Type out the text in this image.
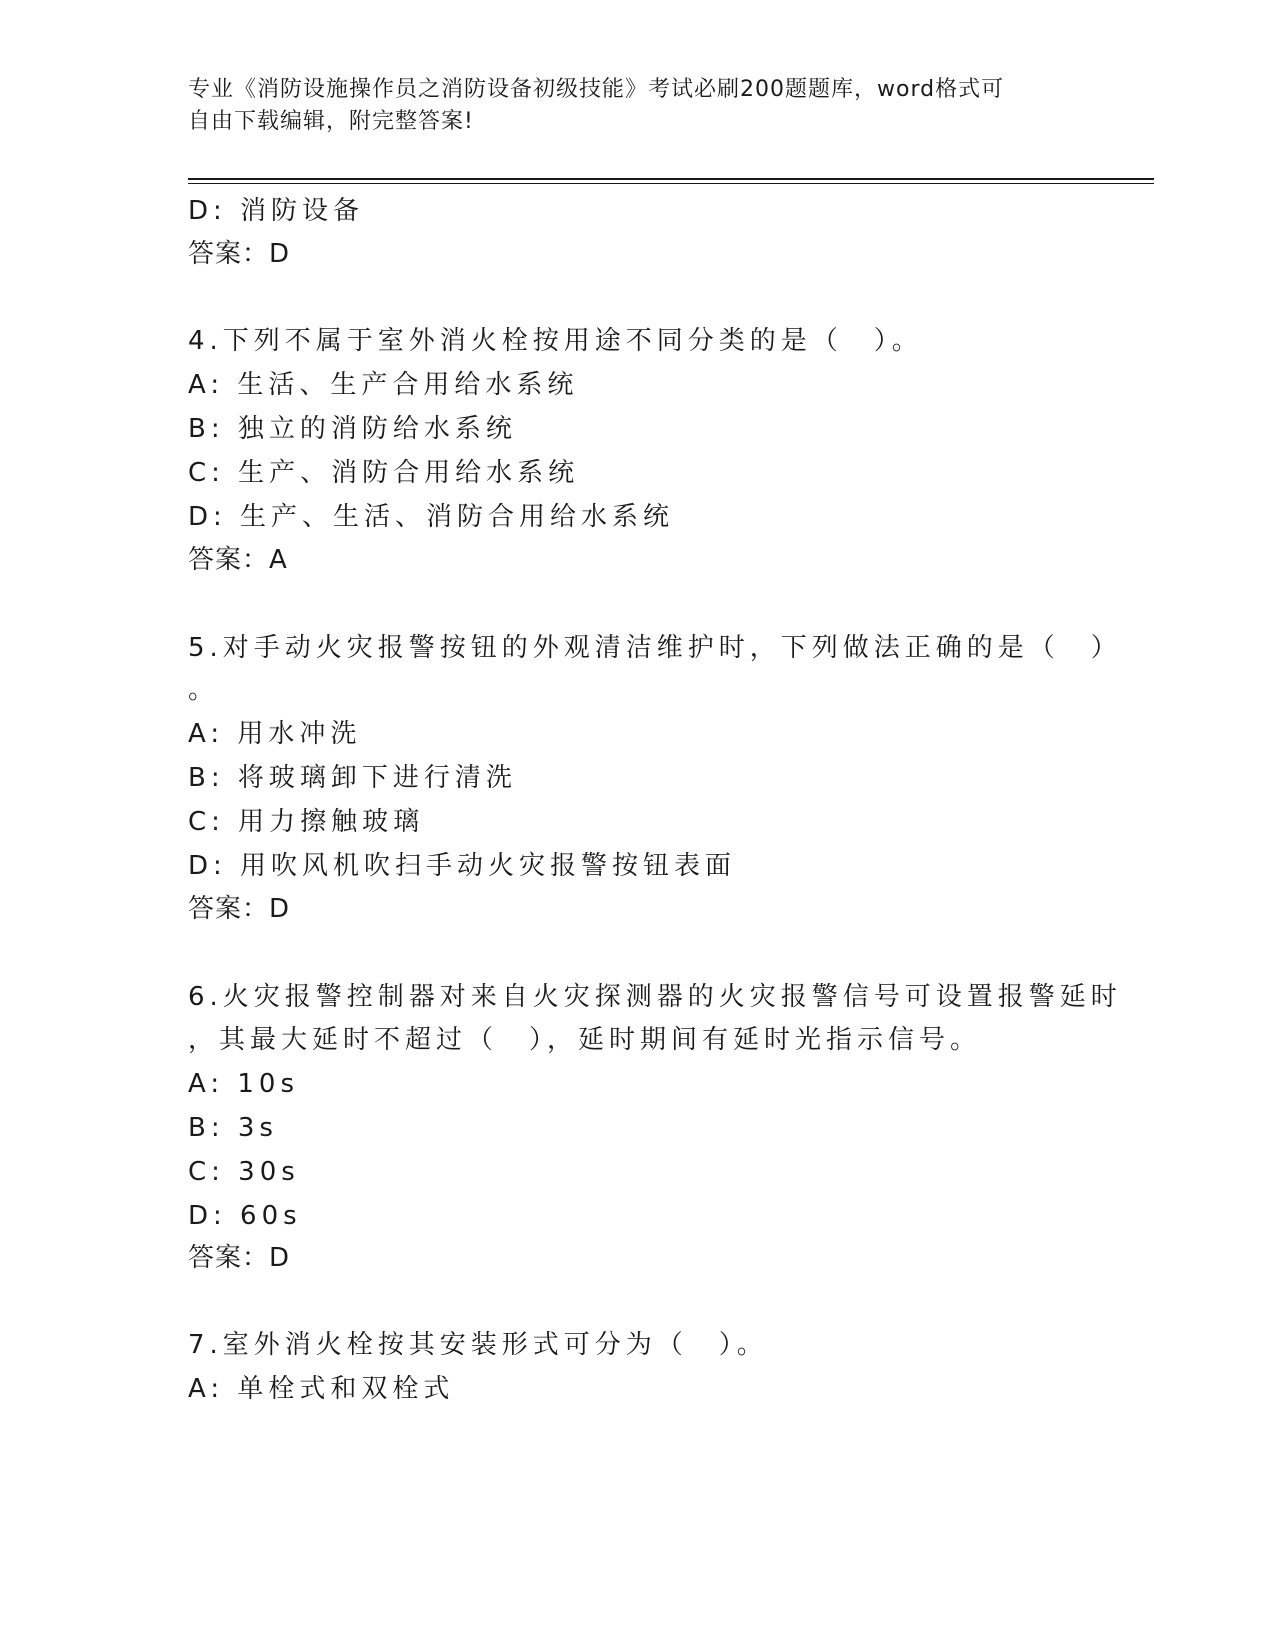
专业《消防设施操作员之消防设备初级技能》考试必刷200题题库，word格式可
自由下载编辑，附完整答案!
D: 消防设备
答案：D
4.下列不属于室外消火栓按用途不同分类的是（　）。
A: 生活、生产合用给水系统
B: 独立的消防给水系统
C: 生产、消防合用给水系统
D: 生产、生活、消防合用给水系统
答案：A
5.对手动火灾报警按钮的外观清洁维护时，下列做法正确的是（　）
。
A: 用水冲洗
B: 将玻璃卸下进行清洗
C: 用力擦触玻璃
D: 用吹风机吹扫手动火灾报警按钮表面
答案：D
6.火灾报警控制器对来自火灾探测器的火灾报警信号可设置报警延时
，其最大延时不超过（　），延时期间有延时光指示信号。
A: 10s
B: 3s
C: 30s
D: 60s
答案：D
7.室外消火栓按其安装形式可分为（　）。
A: 单栓式和双栓式
